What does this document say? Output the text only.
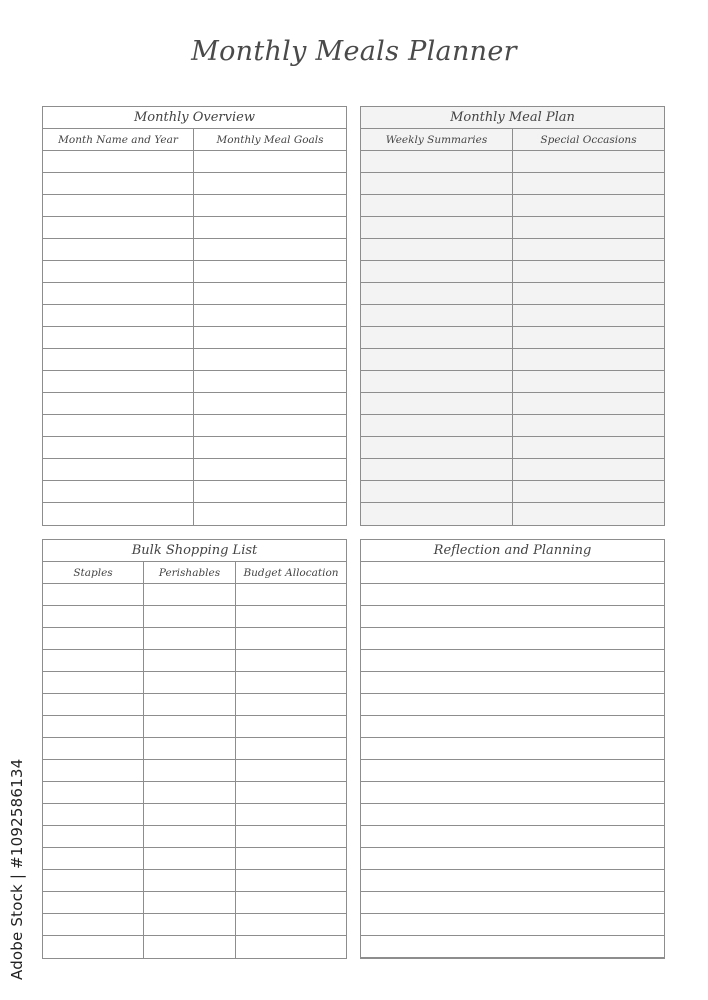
Monthly Meals Planner
Monthly Overview
Month Name and Year	Monthly Meal Goals
Monthly Meal Plan
Weekly Summaries	Special Occasions
Bulk Shopping List
Staples	Perishables	Budget Allocation
Reflection and Planning
Adobe Stock | #1092586134
